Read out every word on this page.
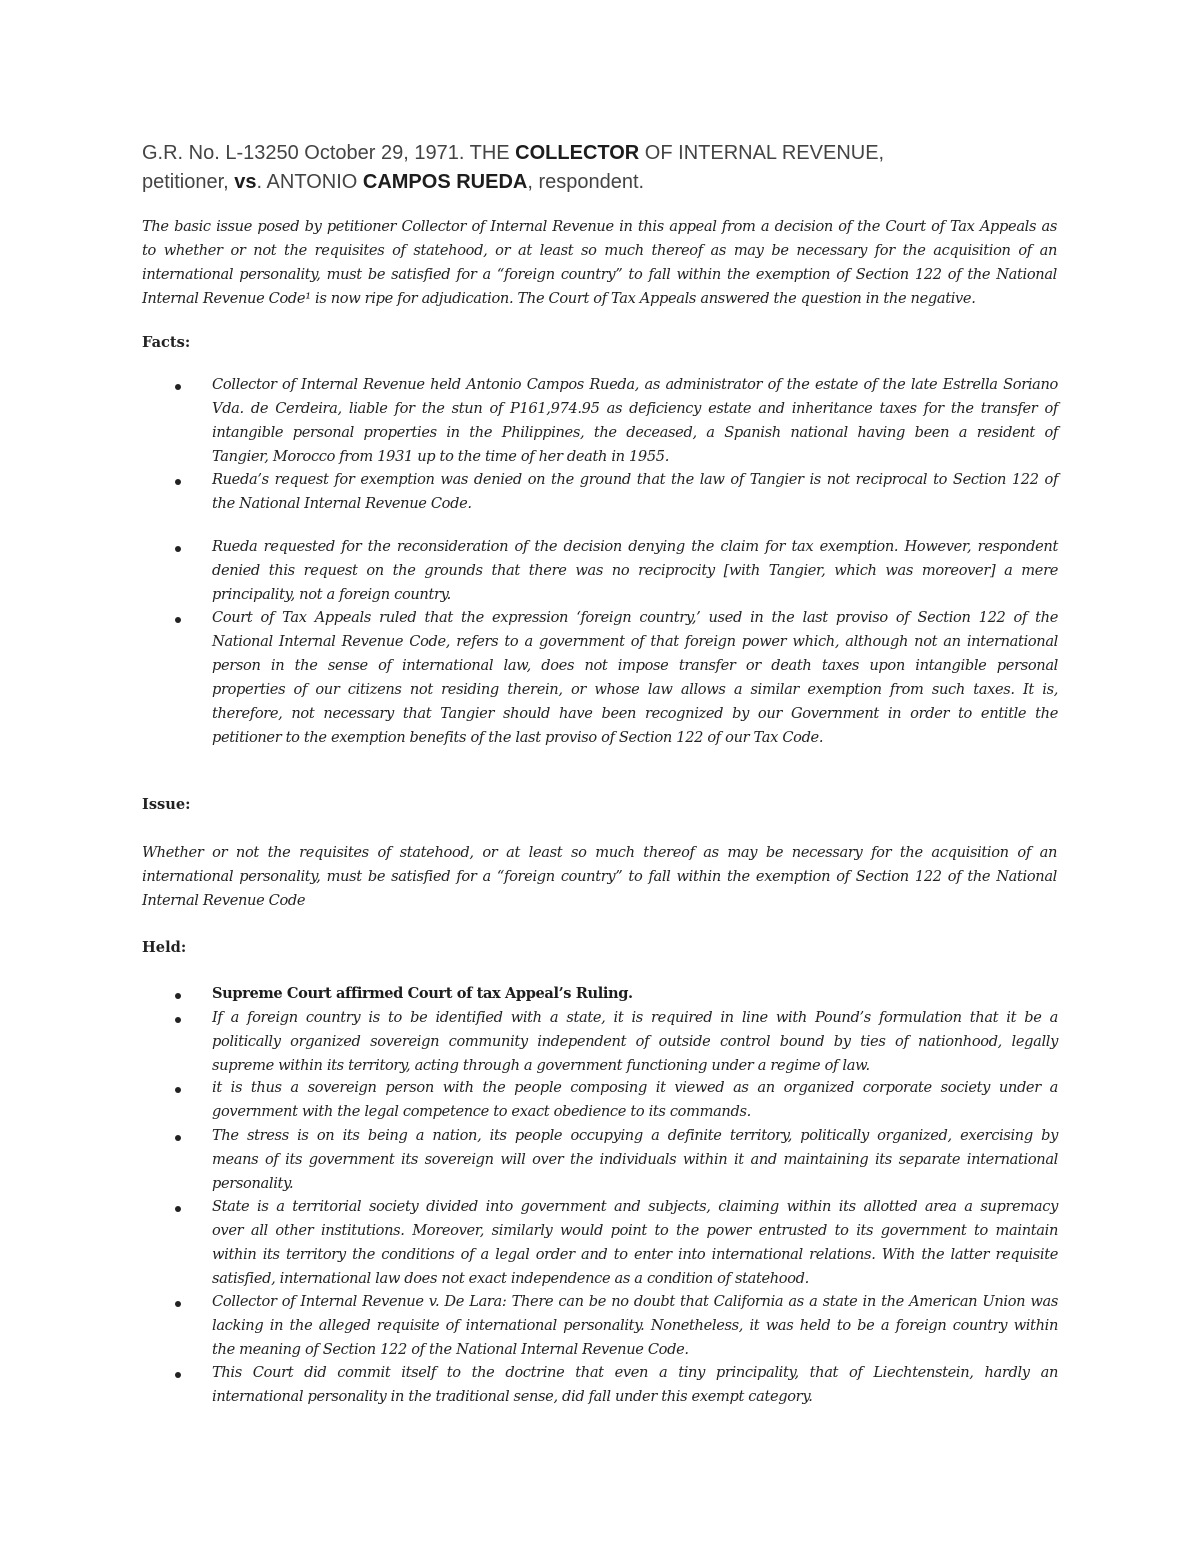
G.R. No. L-13250 October 29, 1971. THE COLLECTOR OF INTERNAL REVENUE,
petitioner, vs. ANTONIO CAMPOS RUEDA, respondent.
The basic issue posed by petitioner Collector of Internal Revenue in this appeal from a decision of the Court of Tax Appeals as
to whether or not the requisites of statehood, or at least so much thereof as may be necessary for the acquisition of an
international personality, must be satisfied for a “foreign country” to fall within the exemption of Section 122 of the National
Internal Revenue Code¹ is now ripe for adjudication. The Court of Tax Appeals answered the question in the negative.
Facts:
Collector of Internal Revenue held Antonio Campos Rueda, as administrator of the estate of the late Estrella Soriano
Vda. de Cerdeira, liable for the stun of P161,974.95 as deficiency estate and inheritance taxes for the transfer of
intangible personal properties in the Philippines, the deceased, a Spanish national having been a resident of
Tangier, Morocco from 1931 up to the time of her death in 1955.
Rueda’s request for exemption was denied on the ground that the law of Tangier is not reciprocal to Section 122 of
the National Internal Revenue Code.
Rueda requested for the reconsideration of the decision denying the claim for tax exemption. However, respondent
denied this request on the grounds that there was no reciprocity [with Tangier, which was moreover] a mere
principality, not a foreign country.
Court of Tax Appeals ruled that the expression ‘foreign country,’ used in the last proviso of Section 122 of the
National Internal Revenue Code, refers to a government of that foreign power which, although not an international
person in the sense of international law, does not impose transfer or death taxes upon intangible personal
properties of our citizens not residing therein, or whose law allows a similar exemption from such taxes. It is,
therefore, not necessary that Tangier should have been recognized by our Government in order to entitle the
petitioner to the exemption benefits of the last proviso of Section 122 of our Tax Code.
Issue:
Whether or not the requisites of statehood, or at least so much thereof as may be necessary for the acquisition of an
international personality, must be satisfied for a “foreign country” to fall within the exemption of Section 122 of the National
Internal Revenue Code
Held:
Supreme Court affirmed Court of tax Appeal’s Ruling.
If a foreign country is to be identified with a state, it is required in line with Pound’s formulation that it be a
politically organized sovereign community independent of outside control bound by ties of nationhood, legally
supreme within its territory, acting through a government functioning under a regime of law.
it is thus a sovereign person with the people composing it viewed as an organized corporate society under a
government with the legal competence to exact obedience to its commands.
The stress is on its being a nation, its people occupying a definite territory, politically organized, exercising by
means of its government its sovereign will over the individuals within it and maintaining its separate international
personality.
State is a territorial society divided into government and subjects, claiming within its allotted area a supremacy
over all other institutions. Moreover, similarly would point to the power entrusted to its government to maintain
within its territory the conditions of a legal order and to enter into international relations. With the latter requisite
satisfied, international law does not exact independence as a condition of statehood.
Collector of Internal Revenue v. De Lara: There can be no doubt that California as a state in the American Union was
lacking in the alleged requisite of international personality. Nonetheless, it was held to be a foreign country within
the meaning of Section 122 of the National Internal Revenue Code.
This Court did commit itself to the doctrine that even a tiny principality, that of Liechtenstein, hardly an
international personality in the traditional sense, did fall under this exempt category.
